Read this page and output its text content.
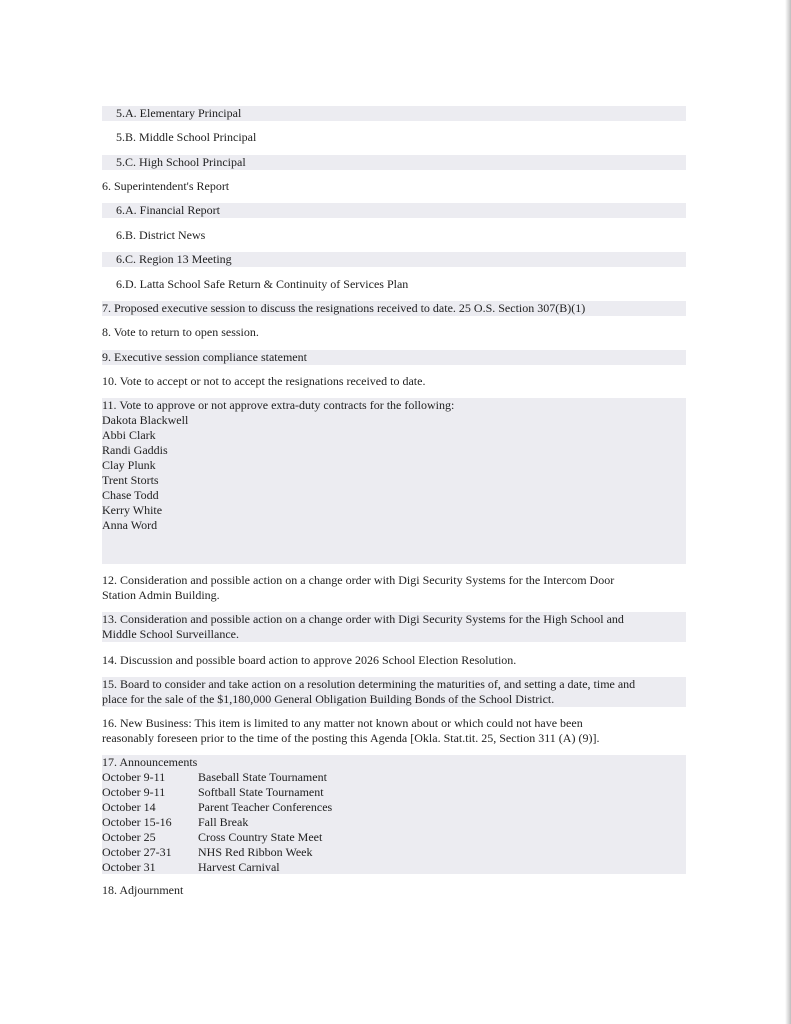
5.A. Elementary Principal
5.B. Middle School Principal
5.C. High School Principal
6. Superintendent's Report
6.A. Financial Report
6.B. District News
6.C. Region 13 Meeting
6.D. Latta School Safe Return & Continuity of Services Plan
7. Proposed executive session to discuss the resignations received to date. 25 O.S. Section 307(B)(1)
8. Vote to return to open session.
9. Executive session compliance statement
10. Vote to accept or not to accept the resignations received to date.
11. Vote to approve or not approve extra-duty contracts for the following:
Dakota Blackwell
Abbi Clark
Randi Gaddis
Clay Plunk
Trent Storts
Chase Todd
Kerry White
Anna Word
12. Consideration and possible action on a change order with Digi Security Systems for the Intercom Door
Station Admin Building.
13. Consideration and possible action on a change order with Digi Security Systems for the High School and
Middle School Surveillance.
14. Discussion and possible board action to approve 2026 School Election Resolution.
15. Board to consider and take action on a resolution determining the maturities of, and setting a date, time and
place for the sale of the $1,180,000 General Obligation Building Bonds of the School District.
16. New Business: This item is limited to any matter not known about or which could not have been
reasonably foreseen prior to the time of the posting this Agenda [Okla. Stat.tit. 25, Section 311 (A) (9)].
17. Announcements
October 9-11	Baseball State Tournament
October 9-11	Softball State Tournament
October 14	Parent Teacher Conferences
October 15-16 Fall Break
October 25	Cross Country State Meet
October 27-31 NHS Red Ribbon Week
October 31	Harvest Carnival
18. Adjournment
